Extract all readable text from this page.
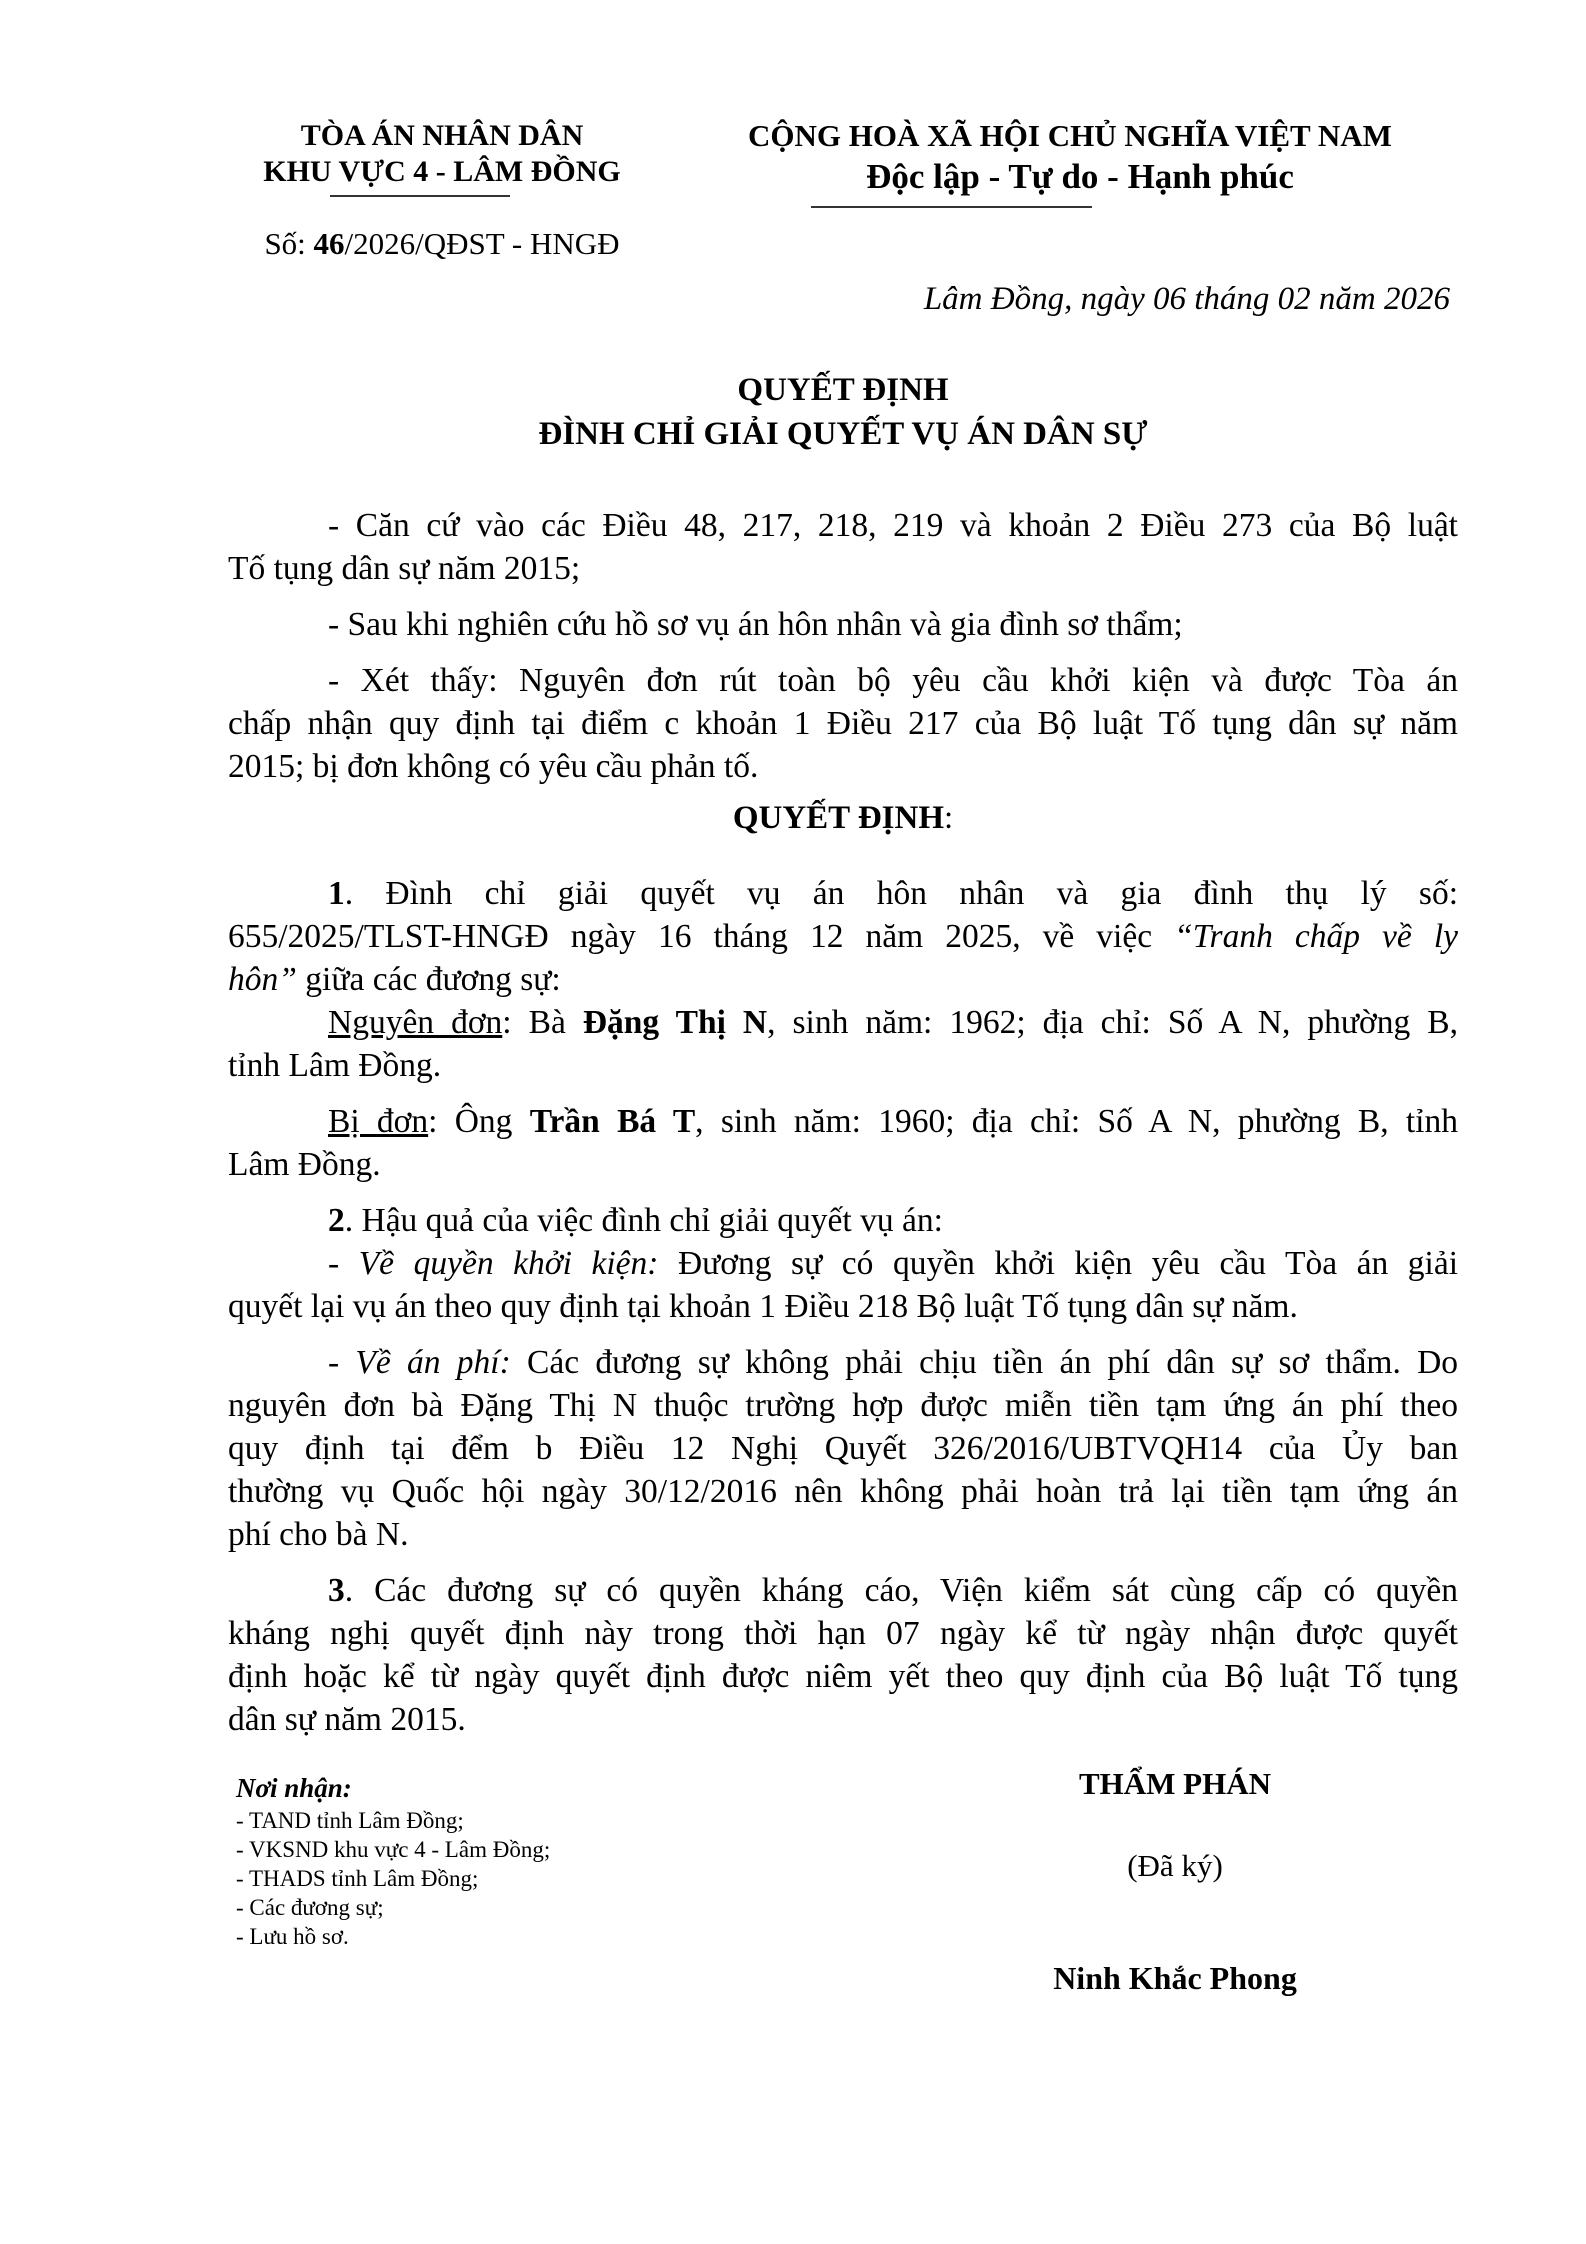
TÒA ÁN NHÂN DÂN
KHU VỰC 4 - LÂM ĐỒNG
Số: 46/2026/QĐST - HNGĐ
CỘNG HOÀ XÃ HỘI CHỦ NGHĨA VIỆT NAM
Độc lập - Tự do - Hạnh phúc
Lâm Đồng, ngày 06 tháng 02 năm 2026
QUYẾT ĐỊNH
ĐÌNH CHỈ GIẢI QUYẾT VỤ ÁN DÂN SỰ
- Căn cứ vào các Điều 48, 217, 218, 219 và khoản 2 Điều 273 của Bộ luật
Tố tụng dân sự năm 2015;
- Sau khi nghiên cứu hồ sơ vụ án hôn nhân và gia đình sơ thẩm;
- Xét thấy: Nguyên đơn rút toàn bộ yêu cầu khởi kiện và được Tòa án
chấp nhận quy định tại điểm c khoản 1 Điều 217 của Bộ luật Tố tụng dân sự năm
2015; bị đơn không có yêu cầu phản tố.
QUYẾT ĐỊNH:
1. Đình chỉ giải quyết vụ án hôn nhân và gia đình thụ lý số:
655/2025/TLST-HNGĐ ngày 16 tháng 12 năm 2025, về việc “Tranh chấp về ly
hôn” giữa các đương sự:
Nguyên đơn: Bà Đặng Thị N, sinh năm: 1962; địa chỉ: Số A N, phường B,
tỉnh Lâm Đồng.
Bị đơn: Ông Trần Bá T, sinh năm: 1960; địa chỉ: Số A N, phường B, tỉnh
Lâm Đồng.
2. Hậu quả của việc đình chỉ giải quyết vụ án:
- Về quyền khởi kiện: Đương sự có quyền khởi kiện yêu cầu Tòa án giải
quyết lại vụ án theo quy định tại khoản 1 Điều 218 Bộ luật Tố tụng dân sự năm.
- Về án phí: Các đương sự không phải chịu tiền án phí dân sự sơ thẩm. Do
nguyên đơn bà Đặng Thị N thuộc trường hợp được miễn tiền tạm ứng án phí theo
quy định tại đểm b Điều 12 Nghị Quyết 326/2016/UBTVQH14 của Ủy ban
thường vụ Quốc hội ngày 30/12/2016 nên không phải hoàn trả lại tiền tạm ứng án
phí cho bà N.
3. Các đương sự có quyền kháng cáo, Viện kiểm sát cùng cấp có quyền
kháng nghị quyết định này trong thời hạn 07 ngày kể từ ngày nhận được quyết
định hoặc kể từ ngày quyết định được niêm yết theo quy định của Bộ luật Tố tụng
dân sự năm 2015.
Nơi nhận:
- TAND tỉnh Lâm Đồng;
- VKSND khu vực 4 - Lâm Đồng;
- THADS tỉnh Lâm Đồng;
- Các đương sự;
- Lưu hồ sơ.
THẨM PHÁN
(Đã ký)
Ninh Khắc Phong
